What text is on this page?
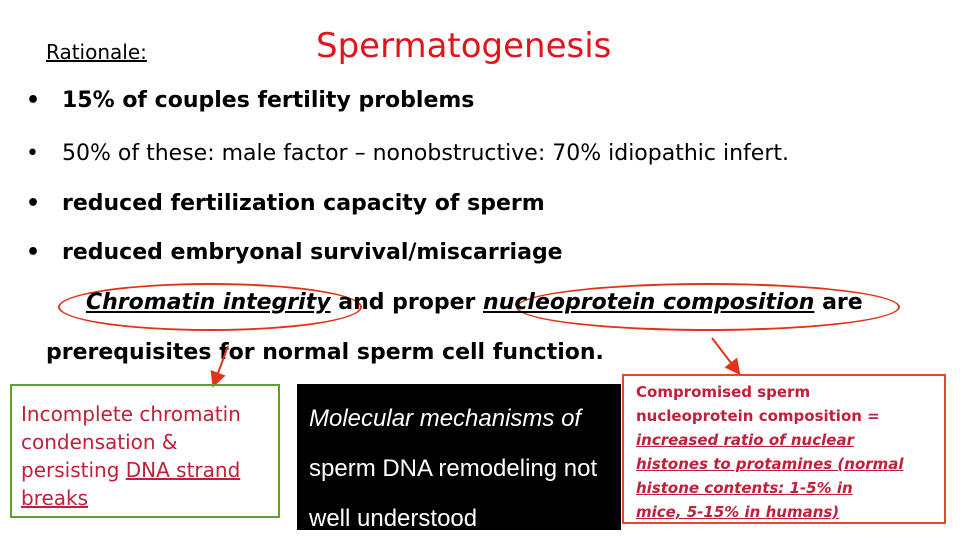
Rationale:	Spermatogenesis
• 15% of couples fertility problems
• 50% of these: male factor – nonobstructive: 70% idiopathic infert.
• reduced fertilization capacity of sperm
• reduced embryonal survival/miscarriage
Chromatin integrity and proper nucleoprotein composition are
prerequisites for normal sperm cell function.
Incomplete chromatin
condensation &
persisting DNA strand
breaks
Molecular mechanisms of
sperm DNA remodeling not
well understood
Compromised sperm
nucleoprotein composition =
increased ratio of nuclear
histones to protamines (normal
histone contents: 1-5% in
mice, 5-15% in humans)
